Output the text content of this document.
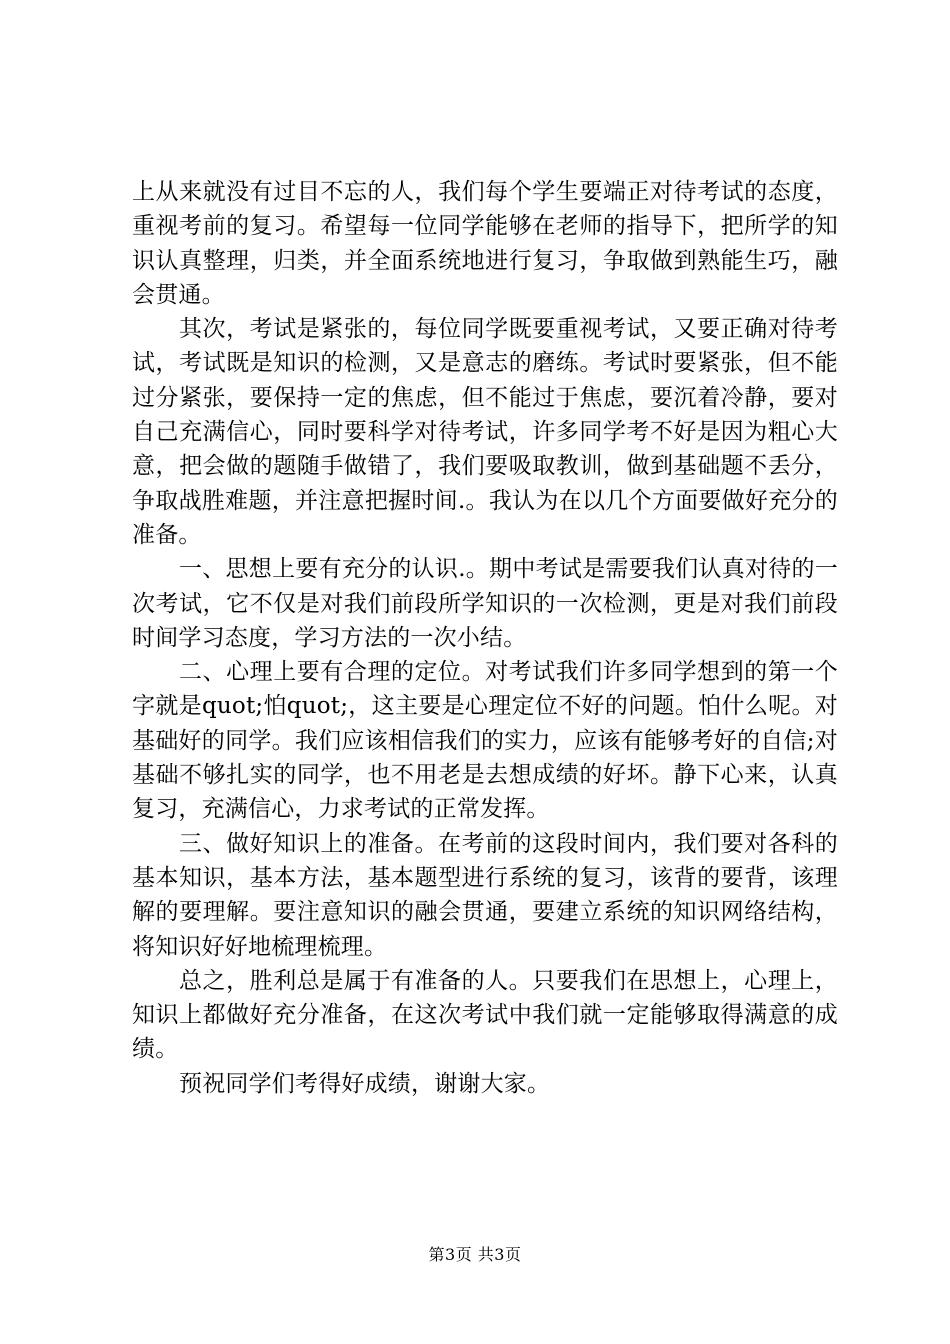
上从来就没有过目不忘的人，我们每个学生要端正对待考试的态度，重视考前的复习。希望每一位同学能够在老师的指导下，把所学的知识认真整理，归类，并全面系统地进行复习，争取做到熟能生巧，融会贯通。

其次，考试是紧张的，每位同学既要重视考试，又要正确对待考试，考试既是知识的检测，又是意志的磨练。考试时要紧张，但不能过分紧张，要保持一定的焦虑，但不能过于焦虑，要沉着冷静，要对自己充满信心，同时要科学对待考试，许多同学考不好是因为粗心大意，把会做的题随手做错了，我们要吸取教训，做到基础题不丢分，争取战胜难题，并注意把握时间.。我认为在以几个方面要做好充分的准备。

一、思想上要有充分的认识.。期中考试是需要我们认真对待的一次考试，它不仅是对我们前段所学知识的一次检测，更是对我们前段时间学习态度，学习方法的一次小结。

二、心理上要有合理的定位。对考试我们许多同学想到的第一个字就是quot;怕quot;，这主要是心理定位不好的问题。怕什么呢。对基础好的同学。我们应该相信我们的实力，应该有能够考好的自信;对基础不够扎实的同学，也不用老是去想成绩的好坏。静下心来，认真复习，充满信心，力求考试的正常发挥。

三、做好知识上的准备。在考前的这段时间内，我们要对各科的基本知识，基本方法，基本题型进行系统的复习，该背的要背，该理解的要理解。要注意知识的融会贯通，要建立系统的知识网络结构，将知识好好地梳理梳理。

总之，胜利总是属于有准备的人。只要我们在思想上，心理上，知识上都做好充分准备，在这次考试中我们就一定能够取得满意的成绩。

预祝同学们考得好成绩，谢谢大家。

第3页 共3页
